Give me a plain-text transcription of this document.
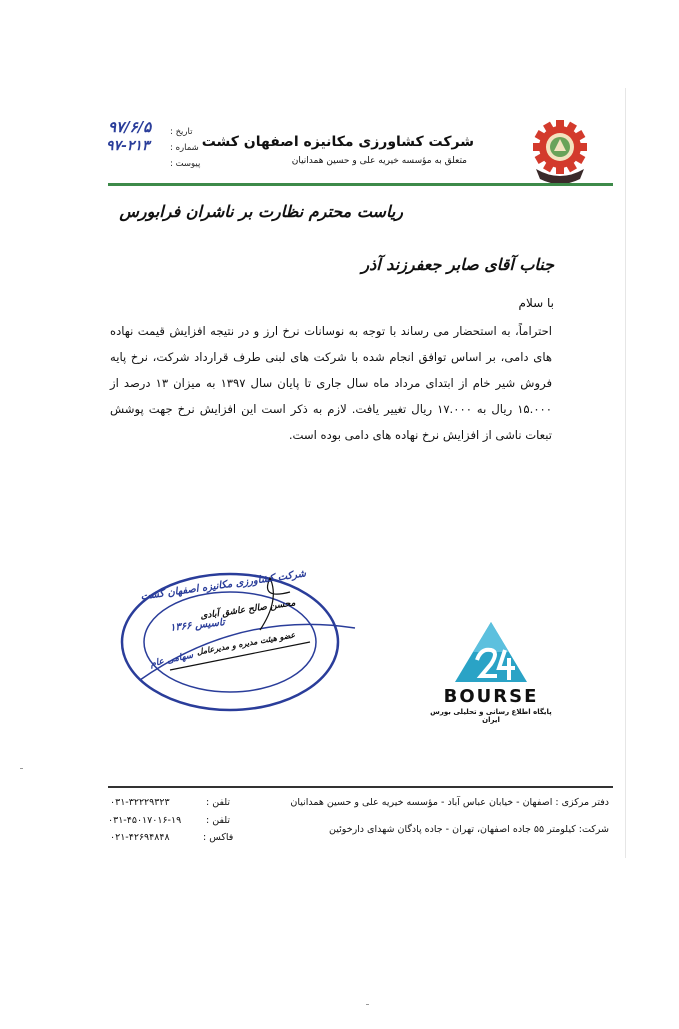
شرکت کشاورزی مکانیزه اصفهان کشت
متعلق به مؤسسه خیریه علی و حسین همدانیان
تاریخ :
شماره :
پیوست :
۹۷/۶/۵
۹۷-۲۱۳
ریاست محترم نظارت بر ناشران فرابورس
جناب آقای صابر جعفرزند آذر
با سلام
احتراماً، به استحضار می رساند با توجه به نوسانات نرخ ارز و در نتیجه افزایش قیمت نهاده های دامی، بر اساس توافق انجام شده با شرکت های لبنی طرف قرارداد شرکت، نرخ پایه فروش شیر خام از ابتدای مرداد ماه سال جاری تا پایان سال ۱۳۹۷ به میزان ۱۳ درصد از ۱۵.۰۰۰ ریال به ۱۷.۰۰۰ ریال تغییر یافت. لازم به ذکر است این افزایش نرخ جهت پوشش تبعات ناشی از افزایش نرخ نهاده های دامی بوده است.
شرکت کشاورزی مکانیزه اصفهان کشت
تاسیس ۱۳۶۶
سهامی عام
محسن صالح عاشق آبادی
عضو هیئت مدیره و مدیرعامل
BOURSE
پایگاه اطلاع رسانی و تحلیلی بورس ایران
دفتر مرکزی : اصفهان - خیابان عباس آباد - مؤسسه خیریه علی و حسین همدانیان
شرکت: کیلومتر ۵۵ جاده اصفهان، تهران - جاده پادگان شهدای دارخوئین
تلفن :
۰۳۱-۳۲۲۲۹۳۲۳
تلفن :
۰۳۱-۴۵۰۱۷۰۱۶-۱۹
فاکس :
۰۲۱-۴۲۶۹۴۸۴۸
